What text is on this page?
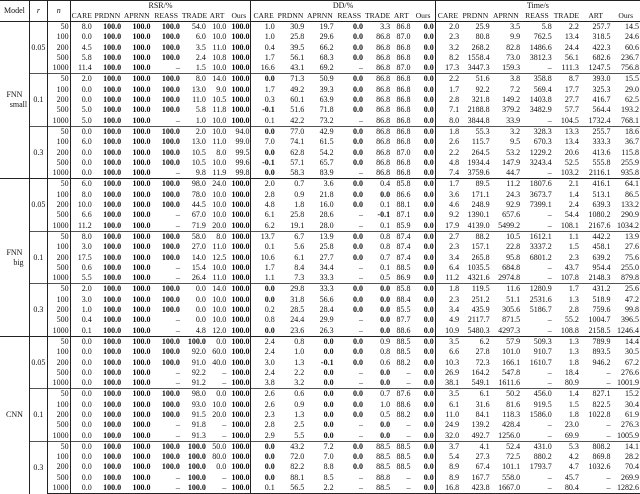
Model	r	n	RSR/%							DD/%							Time/s						
			CARE	PRDNN	APRNN	REASS	TRADE	ART	Ours	CARE	PRDNN	APRNN	REASS	TRADE	ART	Ours	CARE	PRDNN	APRNN	REASS	TRADE	ART	Ours

FNN
small	0.05	50	8.0	100.0	100.0	100.0	54.0	10.0	100.0	1.0	30.9	19.7	0.0	3.3	86.8	0.0	2.0	25.9	3.5	5.8	2.2	257.7	14.5
		100	0.0	100.0	100.0	100.0	6.0	10.0	100.0	1.0	25.8	29.6	0.0	86.8	87.0	0.0	2.3	80.8	9.9	762.5	13.4	318.5	24.6
		200	4.5	100.0	100.0	100.0	3.5	11.0	100.0	0.4	39.5	66.2	0.0	86.8	86.8	0.0	3.2	268.2	82.8	1486.6	24.4	422.3	60.6
		500	5.8	100.0	100.0	100.0	2.4	10.8	100.0	1.7	56.1	68.3	0.0	86.8	86.8	0.0	8.2	1558.4	73.0	3812.3	56.1	682.6	236.7
		1000	11.4	100.0	100.0	–	1.5	10.0	100.0	16.6	43.1	69.2	–	86.8	87.0	0.0	17.3	3447.3	159.3	–	111.3	1247.5	756.8
	0.1	50	2.0	100.0	100.0	100.0	8.0	14.0	100.0	0.0	71.3	50.9	0.0	86.8	86.8	0.0	2.2	51.6	3.8	358.8	8.7	393.0	15.5
		100	0.0	100.0	100.0	100.0	13.0	9.0	100.0	1.7	49.2	39.3	0.0	86.8	86.8	0.0	1.7	92.2	7.2	569.4	17.7	325.3	29.0
		200	0.0	100.0	100.0	100.0	11.0	10.5	100.0	0.3	60.1	63.9	0.0	86.8	86.8	0.0	2.8	321.8	149.2	1403.8	27.7	416.7	62.5
		500	5.0	100.0	100.0	100.0	5.8	11.8	100.0	-0.1	51.6	71.8	0.0	86.8	86.8	0.0	7.1	2188.8	379.2	3482.9	57.7	564.4	193.2
		1000	5.0	100.0	100.0	–	1.0	10.0	100.0	0.1	42.2	73.2	–	86.8	86.8	0.0	8.0	3844.8	33.9	–	104.5	1732.4	768.1
	0.3	50	0.0	100.0	100.0	100.0	2.0	10.0	94.0	0.0	77.0	42.9	0.0	86.8	86.8	0.0	1.8	55.3	3.2	328.3	13.3	255.7	18.6
		100	6.0	100.0	100.0	100.0	13.0	11.0	99.0	7.0	74.1	61.5	0.0	86.8	86.8	0.0	2.6	115.7	9.5	670.3	13.4	333.3	36.7
		200	0.0	100.0	100.0	100.0	10.5	8.0	99.5	0.0	62.8	54.2	0.0	86.8	87.0	0.0	2.2	264.5	53.2	1229.2	20.6	413.6	115.8
		500	0.0	100.0	100.0	100.0	10.5	10.0	99.6	-0.1	57.1	65.7	0.0	86.8	86.8	0.0	4.8	1934.4	147.9	3243.4	52.5	555.8	255.9
		1000	0.0	100.0	100.0	–	9.8	11.9	99.8	0.0	58.3	83.9	–	86.8	86.8	0.0	7.4	3759.6	44.7	–	103.2	2116.1	935.8

FNN
big	0.05	50	6.0	100.0	100.0	100.0	98.0	24.0	100.0	2.0	0.7	3.6	0.0	0.4	85.8	0.0	1.7	89.5	11.2	1807.6	2.1	416.1	64.1
		100	8.0	100.0	100.0	100.0	78.0	10.0	100.0	2.8	0.9	21.8	0.0	0.0	86.6	0.0	3.6	171.1	24.3	3673.7	1.4	513.1	86.5
		200	10.0	100.0	100.0	100.0	44.5	10.0	100.0	4.8	1.8	16.0	0.0	0.1	88.1	0.0	4.6	248.9	92.9	7399.1	2.4	639.3	133.2
		500	6.6	100.0	100.0	–	67.0	10.0	100.0	6.1	25.8	28.6	–	-0.1	87.1	0.0	9.2	1390.1	657.6	–	54.4	1080.2	290.9
		1000	11.2	100.0	100.0	–	71.9	20.0	100.0	6.2	19.1	28.0	–	0.1	85.9	0.0	17.9	4139.0	5499.2	–	108.1	2167.6	1034.2
	0.1	50	8.0	100.0	100.0	100.0	58.0	8.0	100.0	13.7	6.7	13.9	0.0	0.8	87.4	0.0	2.7	88.2	10.5	1612.1	1.1	442.2	13.9
		100	3.0	100.0	100.0	100.0	27.0	11.0	100.0	0.1	5.6	25.8	0.0	0.8	87.4	0.0	2.3	157.1	22.8	3337.2	1.5	458.1	27.6
		200	17.5	100.0	100.0	100.0	14.0	12.5	100.0	10.6	6.1	27.7	0.0	0.7	87.4	0.0	3.4	265.8	95.8	6801.2	2.3	639.2	75.6
		500	0.6	100.0	100.0	–	15.4	10.0	100.0	1.7	8.4	34.4	–	0.1	88.5	0.0	6.4	1035.5	684.8	–	43.7	954.4	255.0
		1000	5.5	100.0	100.0	–	26.4	11.0	100.0	1.1	7.3	33.3	–	0.5	86.9	0.0	11.2	4321.6	2974.8	–	107.8	2148.3	879.8
	0.3	50	2.0	100.0	100.0	100.0	0.0	14.0	100.0	0.0	29.8	33.3	0.0	0.0	85.8	0.0	1.8	119.5	11.6	1280.9	1.7	431.2	25.6
		100	3.0	100.0	100.0	100.0	0.0	10.0	100.0	0.0	31.8	56.6	0.0	0.0	88.4	0.0	2.3	251.2	51.1	2531.6	1.3	518.9	47.2
		200	1.0	100.0	100.0	100.0	0.0	10.0	100.0	0.2	28.5	28.4	0.0	0.0	85.5	0.0	3.4	435.9	305.6	5186.7	2.8	759.6	99.8
		500	0.4	100.0	100.0	–	0.0	10.0	100.0	0.8	24.4	29.9	–	0.0	87.7	0.0	4.9	2117.7	871.5	–	55.2	1004.7	396.5
		1000	0.1	100.0	100.0	–	4.8	12.0	100.0	0.0	23.6	26.3	–	0.0	88.6	0.0	10.9	5480.3	4297.3	–	108.8	2158.5	1246.4

CNN	0.05	50	0.0	100.0	100.0	100.0	100.0	0.0	100.0	2.4	0.8	0.0	0.0	0.9	88.5	0.0	3.5	6.2	57.9	509.3	1.3	789.9	14.4
		100	0.0	100.0	100.0	100.0	92.0	60.0	100.0	2.4	1.0	0.0	0.0	0.8	88.5	0.0	6.6	27.8	101.0	910.7	1.3	893.5	30.5
		200	0.0	100.0	100.0	100.0	91.0	40.0	100.0	3.0	1.3	-0.1	0.0	0.6	88.2	0.0	10.3	72.3	166.1	1610.7	1.8	946.2	67.2
		500	0.0	100.0	100.0	–	92.2	–	100.0	2.4	2.2	0.0	–	0.0	–	0.0	26.9	164.2	547.8	–	18.4	–	276.6
		1000	0.0	100.0	100.0	–	91.2	–	100.0	3.8	3.2	0.0	–	0.0	–	0.0	38.1	549.1	1611.6	–	80.9	–	1001.9
	0.1	50	0.0	100.0	100.0	100.0	98.0	0.0	100.0	2.6	0.6	0.0	0.0	0.7	87.6	0.0	3.5	6.1	50.2	456.0	1.4	827.1	15.2
		100	0.0	100.0	100.0	100.0	93.0	10.0	100.0	2.6	0.9	0.0	0.0	1.0	88.6	0.0	6.1	31.6	81.6	919.5	1.5	822.5	30.4
		200	0.0	100.0	100.0	100.0	91.5	20.0	100.0	2.3	1.3	0.0	0.0	0.5	88.2	0.0	11.0	84.1	118.3	1586.0	1.8	1022.8	61.9
		500	0.0	100.0	100.0	–	91.8	–	100.0	2.8	2.5	0.0	–	0.0	–	0.0	24.9	139.2	428.4	–	23.0	–	276.3
		1000	0.0	100.0	100.0	–	91.3	–	100.0	2.9	5.5	0.0	–	0.0	–	0.0	32.0	492.7	1256.0	–	69.9	–	1005.9
	0.3	50	0.0	100.0	100.0	100.0	100.0	50.0	100.0	0.0	43.2	7.2	0.0	88.5	88.5	0.0	3.7	4.1	52.4	431.0	5.3	808.2	14.1
		100	0.0	100.0	100.0	100.0	100.0	80.0	100.0	0.0	72.0	7.0	0.0	88.5	88.5	0.0	5.4	27.3	72.5	880.2	4.2	869.8	28.2
		200	0.0	100.0	100.0	100.0	100.0	0.0	100.0	0.0	82.2	8.8	0.0	88.5	88.5	0.0	8.9	67.4	101.1	1793.7	4.7	1032.6	70.4
		500	0.0	100.0	100.0	–	100.0	–	100.0	0.0	88.1	8.5	–	88.8	–	0.0	8.9	167.7	558.0	–	45.7	–	269.9
		1000	0.0	100.0	100.0	–	100.0	–	100.0	0.1	56.5	2.2	–	88.5	–	0.0	16.8	423.8	1667.0	–	80.4	–	1282.6
